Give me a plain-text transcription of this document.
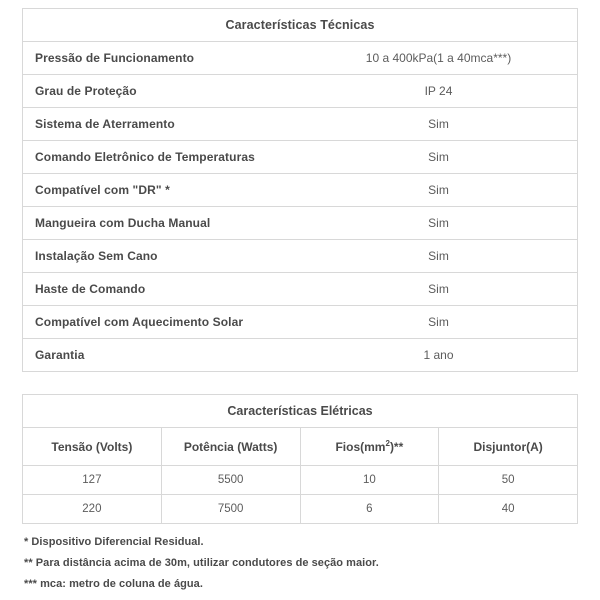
Características Técnicas	
Pressão de Funcionamento	10 a 400kPa(1 a 40mca***)
Grau de Proteção	IP 24
Sistema de Aterramento	Sim
Comando Eletrônico de Temperaturas	Sim
Compatível com "DR" *	Sim
Mangueira com Ducha Manual	Sim
Instalação Sem Cano	Sim
Haste de Comando	Sim
Compatível com Aquecimento Solar	Sim
Garantia	1 ano
Características Elétricas			
Tensão (Volts)	Potência (Watts)	$Fios(mm^2)**$	Disjuntor(A)
127	5500	10	50
220	7500	6	40
* Dispositivo Diferencial Residual.
** Para distância acima de 30m, utilizar condutores de seção maior.
*** mca: metro de coluna de água.
